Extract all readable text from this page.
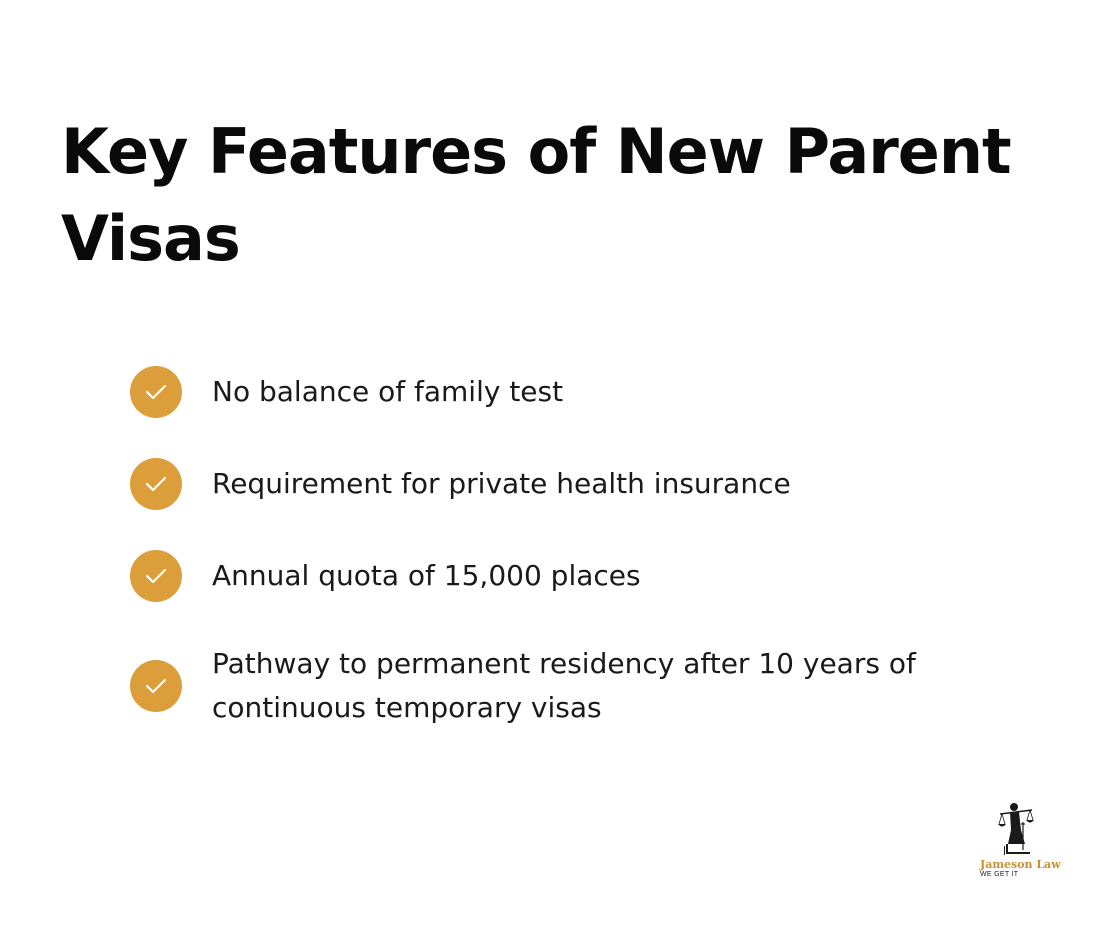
Key Features of New Parent Visas
No balance of family test
Requirement for private health insurance
Annual quota of 15,000 places
Pathway to permanent residency after 10 years of continuous temporary visas
Jameson Law
WE GET IT
